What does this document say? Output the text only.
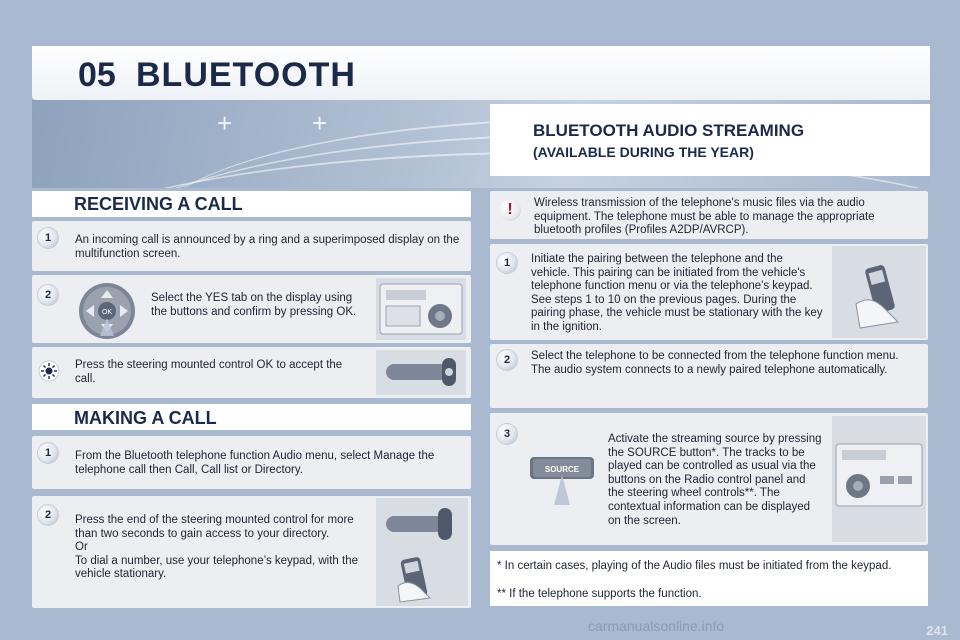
05 BLUETOOTH
+	+	BLUETOOTH AUDIO STREAMING
(AVAILABLE DURING THE YEAR)
RECEIVING A CALL
1	An incoming call is announced by a ring and a superimposed display on the multifunction screen.
2
OK
Select the YES tab on the display using the buttons and confirm by pressing OK.
Press the steering mounted control OK to accept the call.
MAKING A CALL
1	From the Bluetooth telephone function Audio menu, select Manage the telephone call then Call, Call list or Directory.
2	Press the end of the steering mounted control for more than two seconds to gain access to your directory.
Or
To dial a number, use your telephone’s keypad, with the vehicle stationary.
!	Wireless transmission of the telephone's music files via the audio equipment. The telephone must be able to manage the appropriate bluetooth profiles (Profiles A2DP/AVRCP).
1	Initiate the pairing between the telephone and the vehicle. This pairing can be initiated from the vehicle's telephone function menu or via the telephone's keypad. See steps 1 to 10 on the previous pages. During the pairing phase, the vehicle must be stationary with the key in the ignition.
2	Select the telephone to be connected from the telephone function menu.
The audio system connects to a newly paired telephone automatically.
3
SOURCE
Activate the streaming source by pressing the SOURCE button*. The tracks to be played can be controlled as usual via the buttons on the Radio control panel and the steering wheel controls**. The contextual information can be displayed on the screen.
* In certain cases, playing of the Audio files must be initiated from the keypad.
** If the telephone supports the function.
carmanualsonline.info	241
